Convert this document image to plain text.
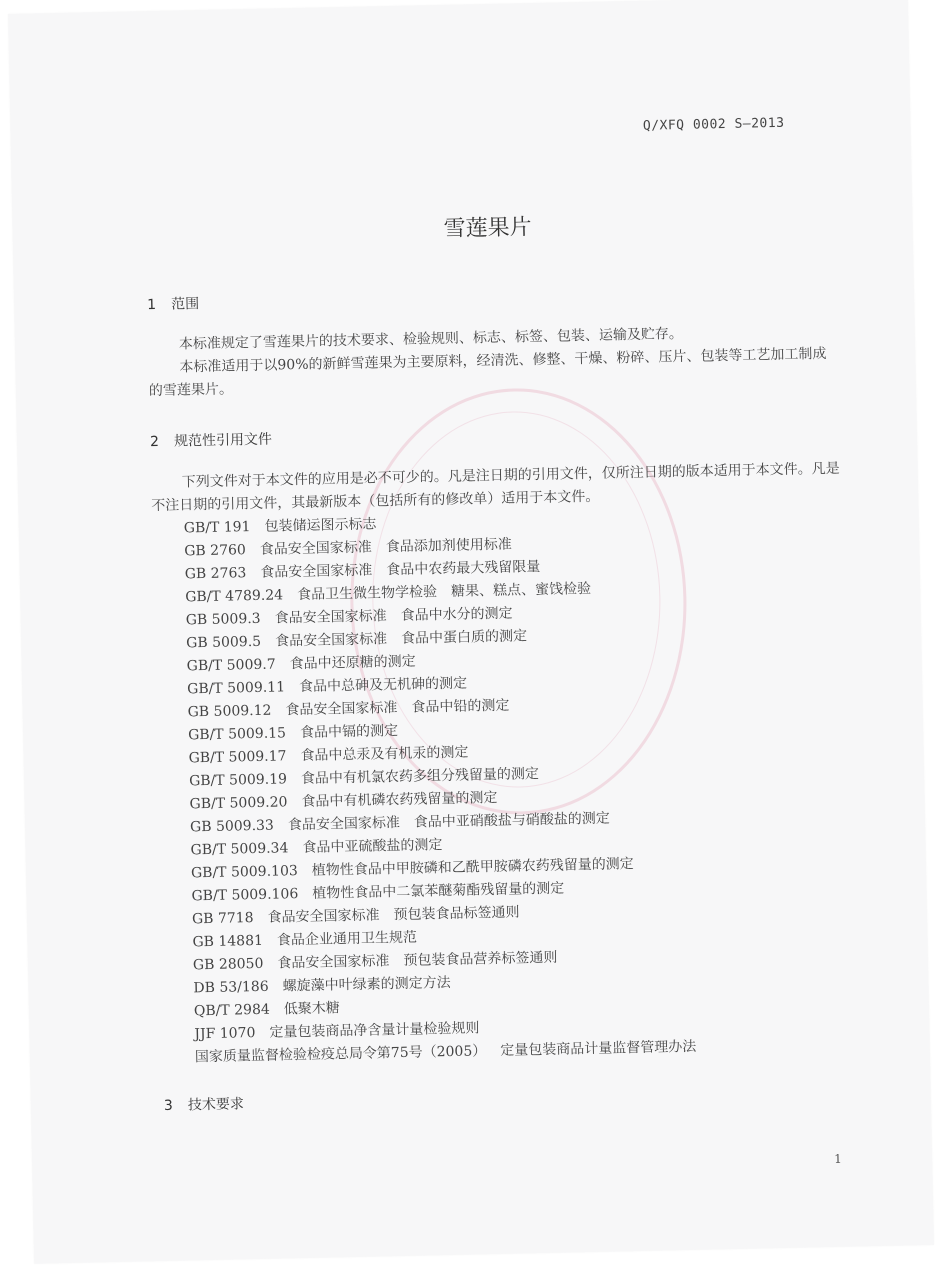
Q/XFQ 0002 S—2013
雪莲果片
1 范围

本标准规定了雪莲果片的技术要求、检验规则、标志、标签、包装、运输及贮存。

本标准适用于以90%的新鲜雪莲果为主要原料，经清洗、修整、干燥、粉碎、压片、包装等工艺加工制成的雪莲果片。

2 规范性引用文件

下列文件对于本文件的应用是必不可少的。凡是注日期的引用文件，仅所注日期的版本适用于本文件。凡是不注日期的引用文件，其最新版本（包括所有的修改单）适用于本文件。

GB/T 191 包装储运图示标志
GB 2760 食品安全国家标准　食品添加剂使用标准
GB 2763 食品安全国家标准　食品中农药最大残留限量
GB/T 4789.24 食品卫生微生物学检验　糖果、糕点、蜜饯检验
GB 5009.3 食品安全国家标准　食品中水分的测定
GB 5009.5 食品安全国家标准　食品中蛋白质的测定
GB/T 5009.7 食品中还原糖的测定
GB/T 5009.11 食品中总砷及无机砷的测定
GB 5009.12 食品安全国家标准　食品中铅的测定
GB/T 5009.15 食品中镉的测定
GB/T 5009.17 食品中总汞及有机汞的测定
GB/T 5009.19 食品中有机氯农药多组分残留量的测定
GB/T 5009.20 食品中有机磷农药残留量的测定
GB 5009.33 食品安全国家标准　食品中亚硝酸盐与硝酸盐的测定
GB/T 5009.34 食品中亚硫酸盐的测定
GB/T 5009.103 植物性食品中甲胺磷和乙酰甲胺磷农药残留量的测定
GB/T 5009.106 植物性食品中二氯苯醚菊酯残留量的测定
GB 7718 食品安全国家标准　预包装食品标签通则
GB 14881 食品企业通用卫生规范
GB 28050 食品安全国家标准　预包装食品营养标签通则
DB 53/186 螺旋藻中叶绿素的测定方法
QB/T 2984 低聚木糖
JJF 1070 定量包装商品净含量计量检验规则
国家质量监督检验检疫总局令第75号（2005） 定量包装商品计量监督管理办法
3 技术要求
1
